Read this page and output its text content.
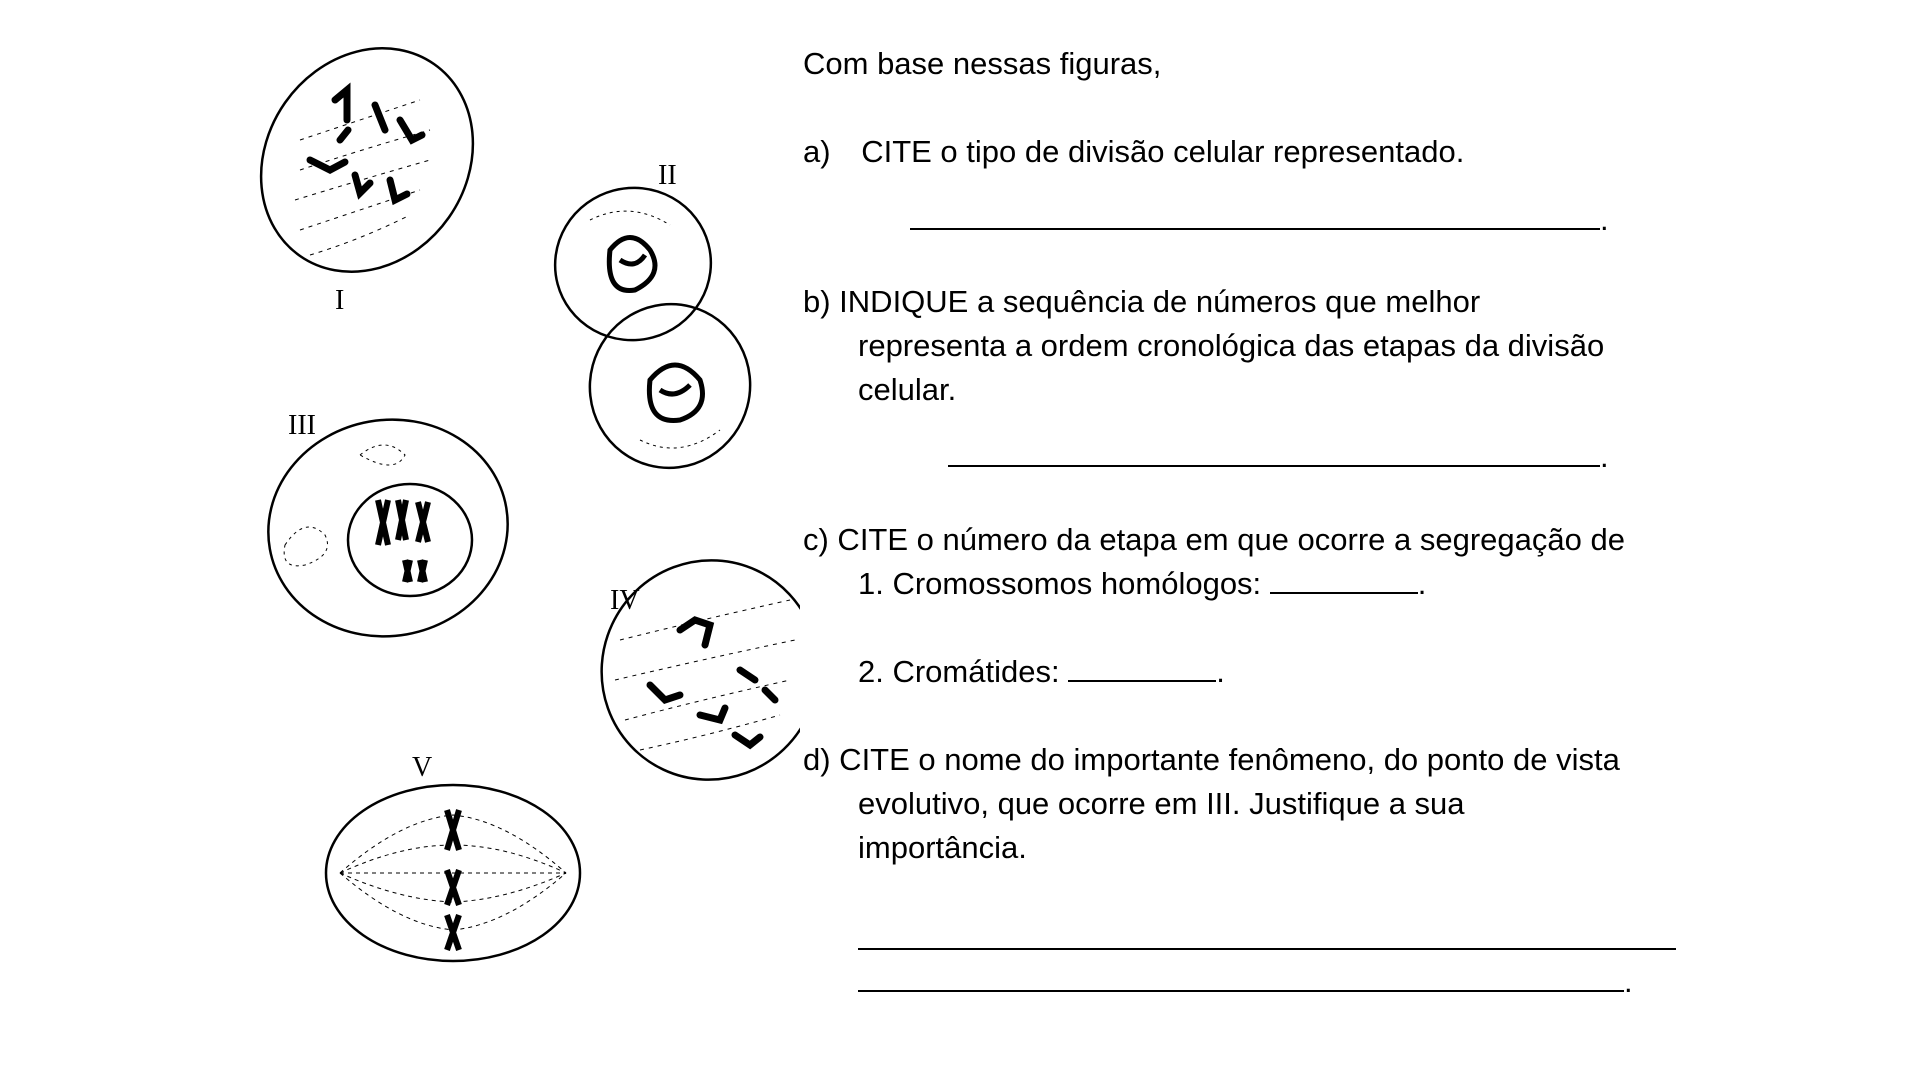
I
II
III
IV
V
Com base nessas figuras,
a) CITE o tipo de divisão celular representado.
.
b) INDIQUE a sequência de números que melhor
representa a ordem cronológica das etapas da divisão
celular.
.
c) CITE o número da etapa em que ocorre a segregação de
1. Cromossomos homólogos:	.
2. Cromátides:	.
d) CITE o nome do importante fenômeno, do ponto de vista
evolutivo, que ocorre em III. Justifique a sua
importância.
.
